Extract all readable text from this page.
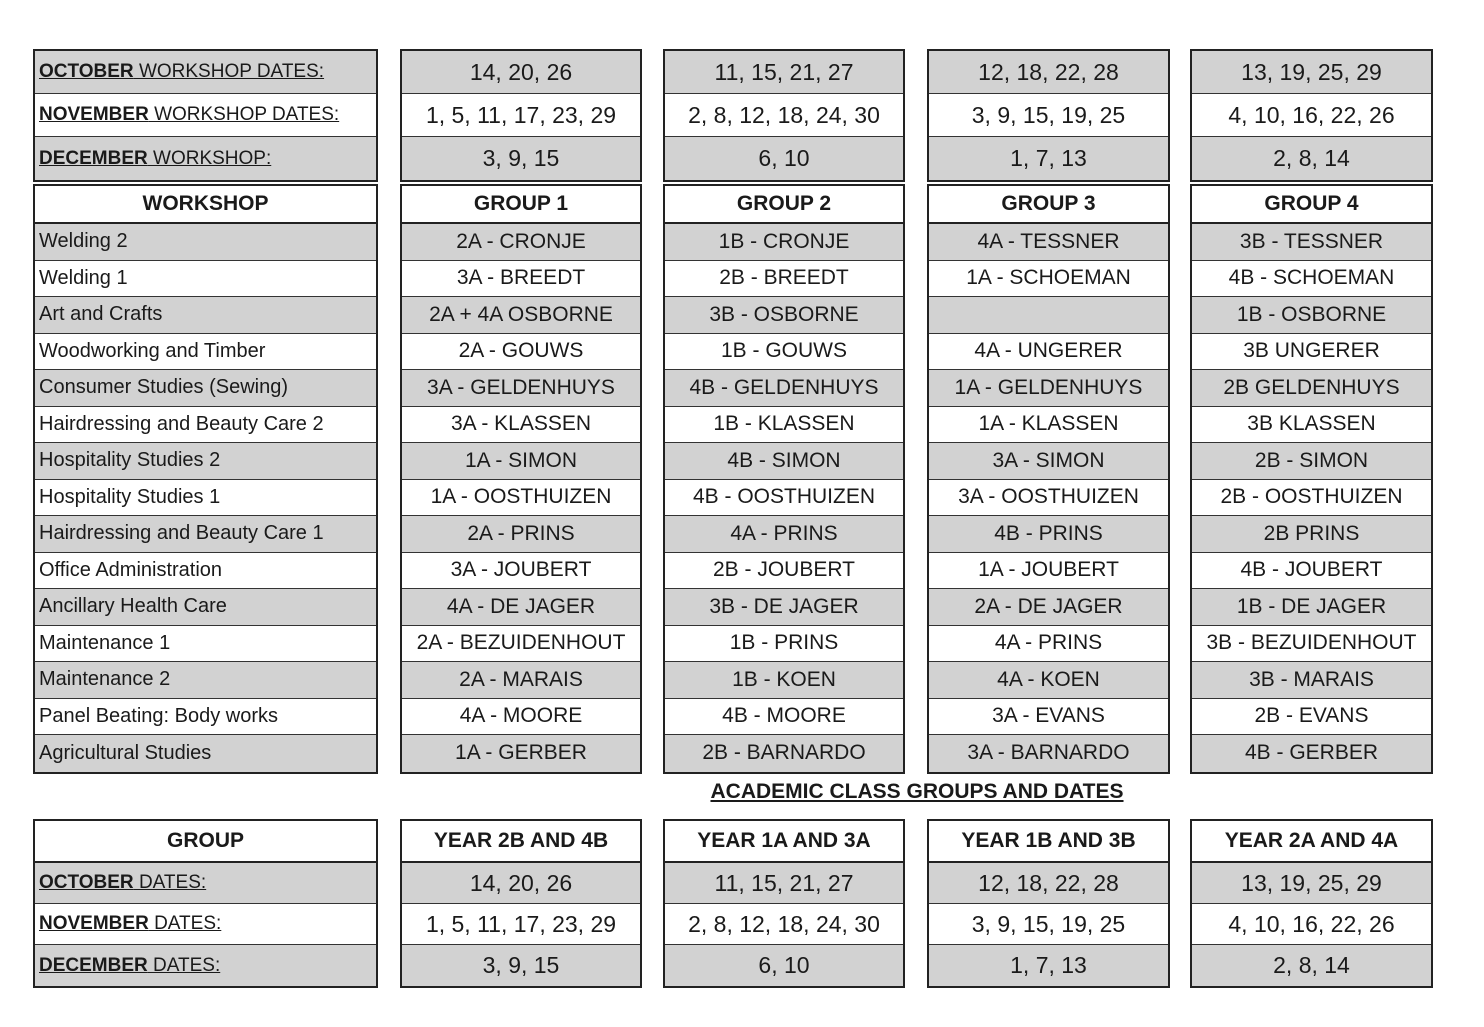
OCTOBER WORKSHOP DATES:
NOVEMBER WORKSHOP DATES:
DECEMBER WORKSHOP:
14, 20, 26
1, 5, 11, 17, 23, 29
3, 9, 15
11, 15, 21, 27
2, 8, 12, 18, 24, 30
6, 10
12, 18, 22, 28
3, 9, 15, 19, 25
1, 7, 13
13, 19, 25, 29
4, 10, 16, 22, 26
2, 8, 14
WORKSHOP
Welding 2
Welding 1
Art and Crafts
Woodworking and Timber
Consumer Studies (Sewing)
Hairdressing and Beauty Care 2
Hospitality Studies 2
Hospitality Studies 1
Hairdressing and Beauty Care 1
Office Administration
Ancillary Health Care
Maintenance 1
Maintenance 2
Panel Beating: Body works
Agricultural Studies
GROUP 1
2A - CRONJE
3A - BREEDT
2A + 4A OSBORNE
2A - GOUWS
3A - GELDENHUYS
3A - KLASSEN
1A - SIMON
1A - OOSTHUIZEN
2A - PRINS
3A - JOUBERT
4A - DE JAGER
2A - BEZUIDENHOUT
2A - MARAIS
4A - MOORE
1A - GERBER
GROUP 2
1B - CRONJE
2B - BREEDT
3B - OSBORNE
1B - GOUWS
4B - GELDENHUYS
1B - KLASSEN
4B - SIMON
4B - OOSTHUIZEN
4A - PRINS
2B - JOUBERT
3B - DE JAGER
1B - PRINS
1B - KOEN
4B - MOORE
2B - BARNARDO
GROUP 3
4A - TESSNER
1A - SCHOEMAN
4A - UNGERER
1A - GELDENHUYS
1A - KLASSEN
3A - SIMON
3A - OOSTHUIZEN
4B - PRINS
1A - JOUBERT
2A - DE JAGER
4A - PRINS
4A - KOEN
3A - EVANS
3A - BARNARDO
GROUP 4
3B - TESSNER
4B - SCHOEMAN
1B - OSBORNE
3B UNGERER
2B GELDENHUYS
3B KLASSEN
2B - SIMON
2B - OOSTHUIZEN
2B PRINS
4B - JOUBERT
1B - DE JAGER
3B - BEZUIDENHOUT
3B - MARAIS
2B - EVANS
4B - GERBER
ACADEMIC CLASS GROUPS AND DATES
GROUP
OCTOBER DATES:
NOVEMBER DATES:
DECEMBER DATES:
YEAR 2B AND 4B
14, 20, 26
1, 5, 11, 17, 23, 29
3, 9, 15
YEAR 1A AND 3A
11, 15, 21, 27
2, 8, 12, 18, 24, 30
6, 10
YEAR 1B AND 3B
12, 18, 22, 28
3, 9, 15, 19, 25
1, 7, 13
YEAR 2A AND 4A
13, 19, 25, 29
4, 10, 16, 22, 26
2, 8, 14
